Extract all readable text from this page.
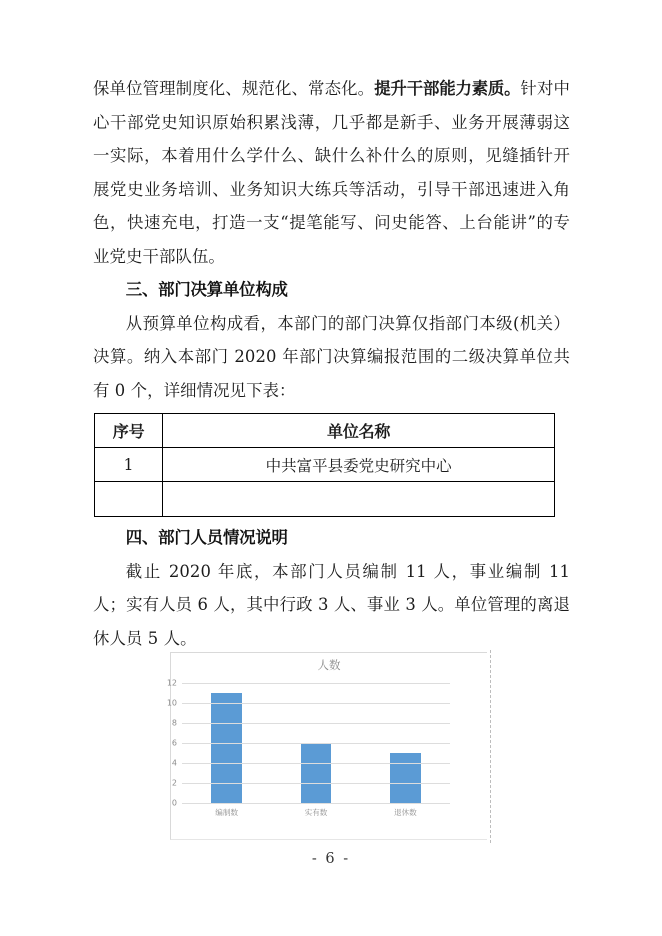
保单位管理制度化、规范化、常态化。提升干部能力素质。针对中心干部党史知识原始积累浅薄，几乎都是新手、业务开展薄弱这一实际，本着用什么学什么、缺什么补什么的原则，见缝插针开展党史业务培训、业务知识大练兵等活动，引导干部迅速进入角色，快速充电，打造一支“提笔能写、问史能答、上台能讲”的专业党史干部队伍。

三、部门决算单位构成

从预算单位构成看，本部门的部门决算仅指部门本级(机关）决算。纳入本部门 2020 年部门决算编报范围的二级决算单位共有 0 个，详细情况见下表：

序号	单位名称
1	中共富平县委党史研究中心

四、部门人员情况说明

截止 2020 年底，本部门人员编制 11 人，事业编制 11 人；实有人员 6 人，其中行政 3 人、事业 3 人。单位管理的离退休人员 5 人。

人数
0
2
4
6
8
10
12
编制数	实有数	退休数
- 6 -
